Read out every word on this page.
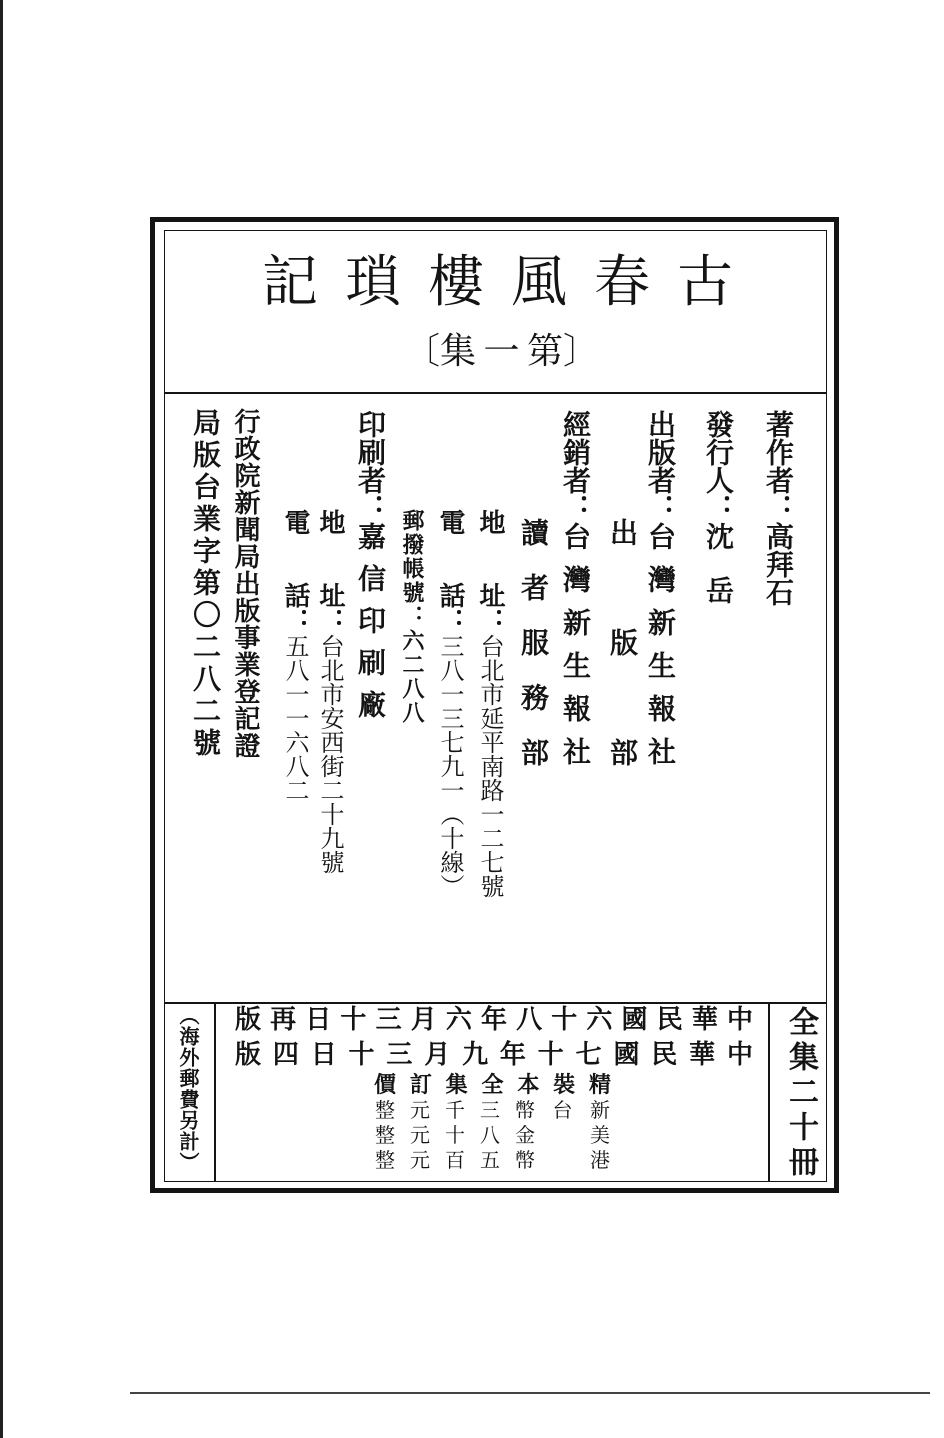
古
春
風
樓
瑣
記
〔 第
一
集 〕
著作者：高拜石
發行人：沈岳
出版者：台灣新生報社
出版部
經銷者：台灣新生報社
讀者服務部
地址：台北市延平南路一二七號
電話：三八一三七九一（十線）
郵撥帳號：六二八八
印刷者：嘉信印刷廠
地址：台北市安西街二十九號
電話：五八一一六八二
行政院新聞局出版事業登記證
局版台業字第〇二八二號
全集二十冊
中
華
民
國
六
十
八
年
六
月
三
十
日
再
版
中
華
民
國
七
十
年
九
月
三
十
日
四
版
精
裝
本
全
集
訂
價
新
台
幣
三
千
元
整
美
金
八
十
元
整
港
幣
五
百
元
整
（海外郵費另計）
